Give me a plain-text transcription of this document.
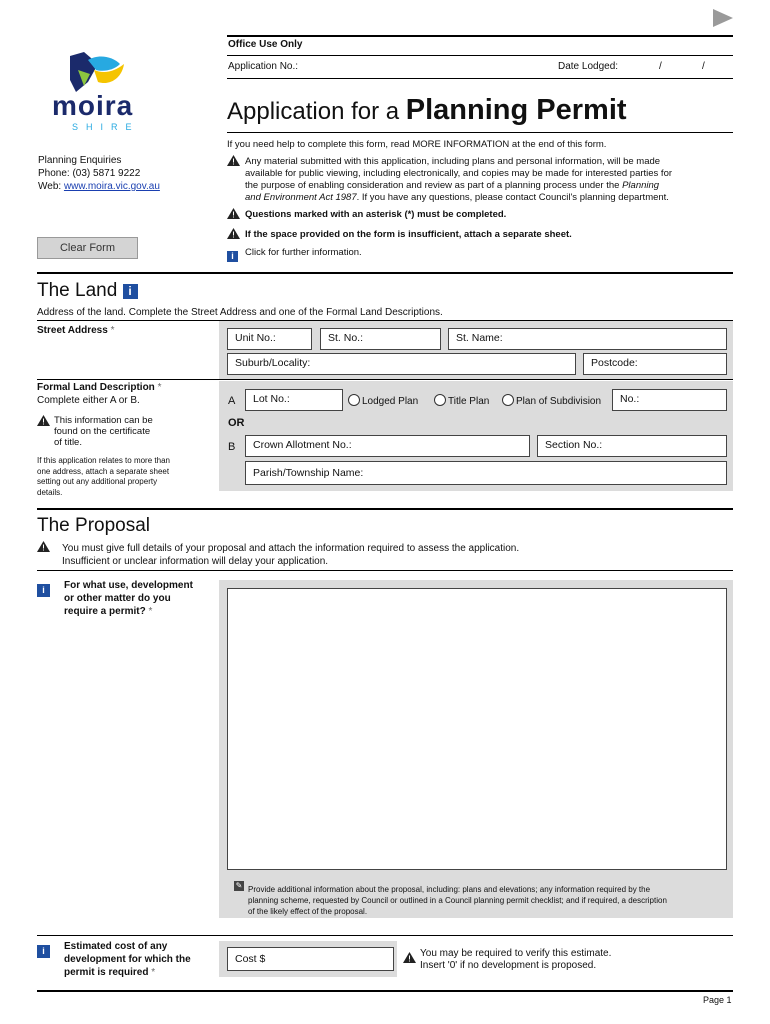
Office Use Only
Application No.:	Date Lodged:	/	/
moira
SHIRE
Planning Enquiries
Phone: (03) 5871 9222
Web: www.moira.vic.gov.au
Clear Form
Application for a Planning Permit
If you need help to complete this form, read MORE INFORMATION at the end of this form.
Any material submitted with this application, including plans and personal information, will be made
available for public viewing, including electronically, and copies may be made for interested parties for
the purpose of enabling consideration and review as part of a planning process under the Planning
and Environment Act 1987. If you have any questions, please contact Council's planning department.
Questions marked with an asterisk (*) must be completed.
If the space provided on the form is insufficient, attach a separate sheet.
i	Click for further information.
The Land i
Address of the land. Complete the Street Address and one of the Formal Land Descriptions.
Street Address *
Unit No.:	St. No.:	St. Name:
Suburb/Locality:	Postcode:
Formal Land Description *
Complete either A or B.
This information can be
found on the certificate
of title.
If this application relates to more than
one address, attach a separate sheet
setting out any additional property
details.
A	Lot No.:	Lodged Plan	Title Plan	Plan of Subdivision	No.:
OR
B	Crown Allotment No.:	Section No.:
Parish/Township Name:
The Proposal
You must give full details of your proposal and attach the information required to assess the application.
Insufficient or unclear information will delay your application.
i	For what use, development
or other matter do you
require a permit? *
✎ Provide additional information about the proposal, including: plans and elevations; any information required by the
planning scheme, requested by Council or outlined in a Council planning permit checklist; and if required, a description
of the likely effect of the proposal.
i	Estimated cost of any
development for which the
permit is required *
Cost $	You may be required to verify this estimate.
Insert '0' if no development is proposed.
Page 1
